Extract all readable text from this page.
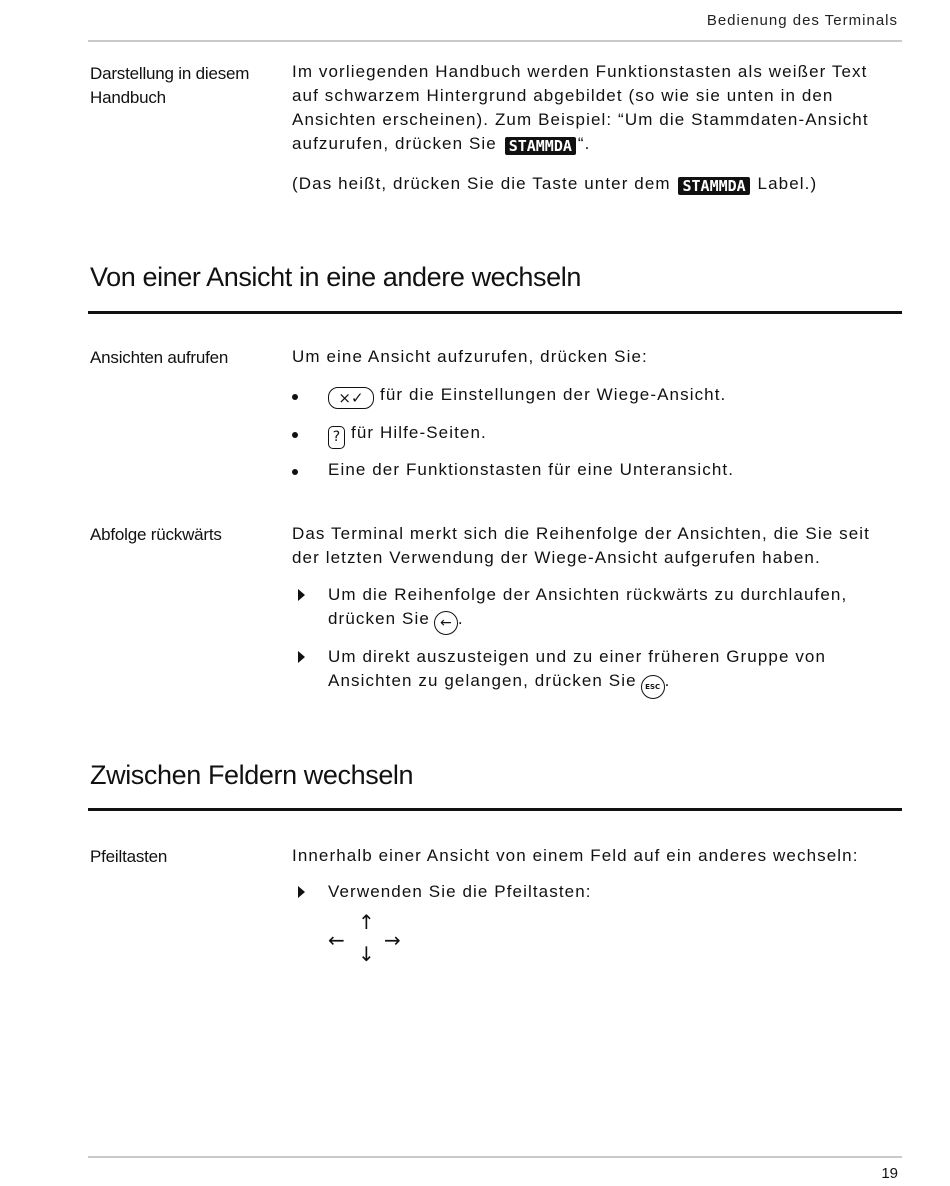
Bedienung des Terminals
Darstellung in diesem Handbuch
Im vorliegenden Handbuch werden Funktionstasten als weißer Text auf schwarzem Hintergrund abgebildet (so wie sie unten in den Ansichten erscheinen). Zum Beispiel: “Um die Stammdaten-Ansicht aufzurufen, drücken Sie STAMMDA “.
(Das heißt, drücken Sie die Taste unter dem STAMMDA Label.)
Von einer Ansicht in eine andere wechseln
Ansichten aufrufen	Um eine Ansicht aufzurufen, drücken Sie:
×✓ für die Einstellungen der Wiege-Ansicht.
? für Hilfe-Seiten.
Eine der Funktionstasten für eine Unteransicht.
Abfolge rückwärts	Das Terminal merkt sich die Reihenfolge der Ansichten, die Sie seit der letzten Verwendung der Wiege-Ansicht aufgerufen haben.
Um die Reihenfolge der Ansichten rückwärts zu durchlaufen, drücken Sie ← .
Um direkt auszusteigen und zu einer früheren Gruppe von Ansichten zu gelangen, drücken Sie ESC .
Zwischen Feldern wechseln
Pfeiltasten	Innerhalb einer Ansicht von einem Feld auf ein anderes wechseln:
Verwenden Sie die Pfeiltasten:
↑
← →
↓
19
